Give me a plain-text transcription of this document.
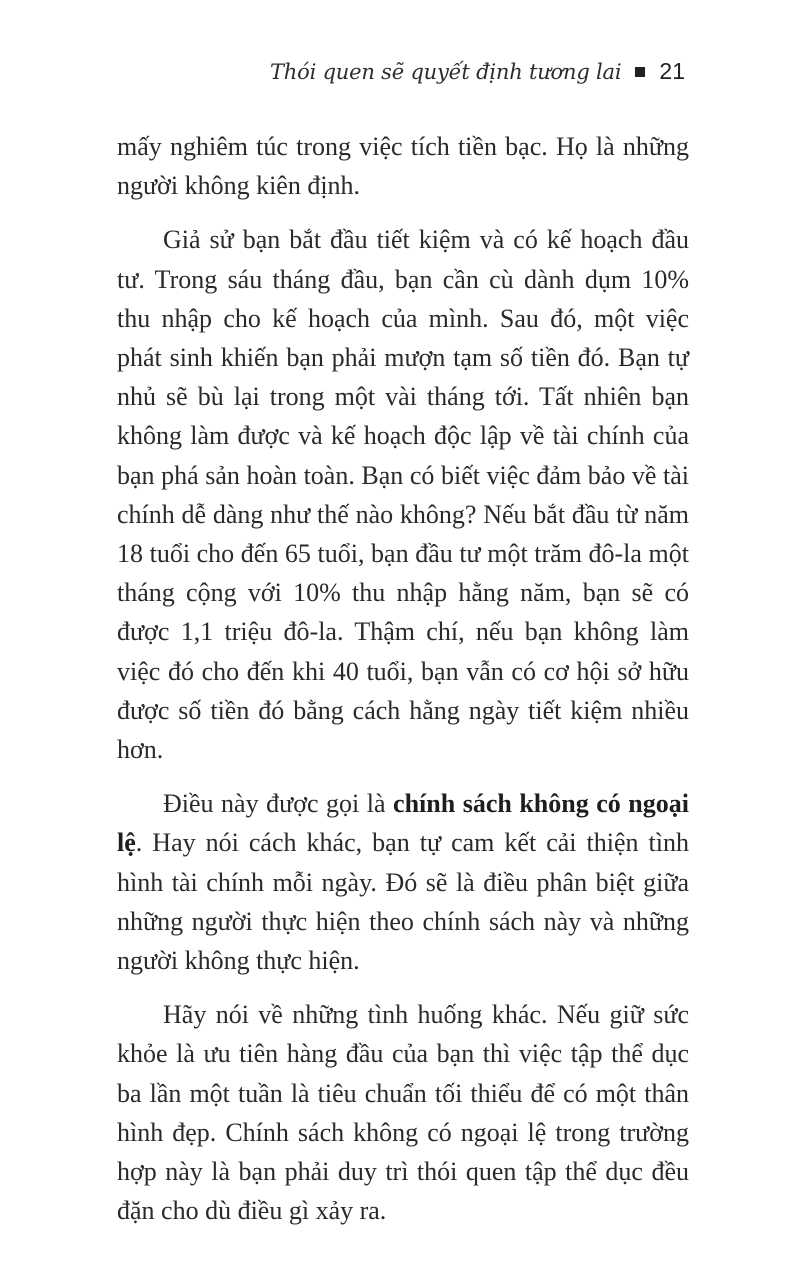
Thói quen sẽ quyết định tương lai 21

mấy nghiêm túc trong việc tích tiền bạc. Họ là những người không kiên định.

Giả sử bạn bắt đầu tiết kiệm và có kế hoạch đầu tư. Trong sáu tháng đầu, bạn cần cù dành dụm 10% thu nhập cho kế hoạch của mình. Sau đó, một việc phát sinh khiến bạn phải mượn tạm số tiền đó. Bạn tự nhủ sẽ bù lại trong một vài tháng tới. Tất nhiên bạn không làm được và kế hoạch độc lập về tài chính của bạn phá sản hoàn toàn. Bạn có biết việc đảm bảo về tài chính dễ dàng như thế nào không? Nếu bắt đầu từ năm 18 tuổi cho đến 65 tuổi, bạn đầu tư một trăm đô-la một tháng cộng với 10% thu nhập hằng năm, bạn sẽ có được 1,1 triệu đô-la. Thậm chí, nếu bạn không làm việc đó cho đến khi 40 tuổi, bạn vẫn có cơ hội sở hữu được số tiền đó bằng cách hằng ngày tiết kiệm nhiều hơn.

Điều này được gọi là chính sách không có ngoại lệ. Hay nói cách khác, bạn tự cam kết cải thiện tình hình tài chính mỗi ngày. Đó sẽ là điều phân biệt giữa những người thực hiện theo chính sách này và những người không thực hiện.

Hãy nói về những tình huống khác. Nếu giữ sức khỏe là ưu tiên hàng đầu của bạn thì việc tập thể dục ba lần một tuần là tiêu chuẩn tối thiểu để có một thân hình đẹp. Chính sách không có ngoại lệ trong trường hợp này là bạn phải duy trì thói quen tập thể dục đều đặn cho dù điều gì xảy ra.
